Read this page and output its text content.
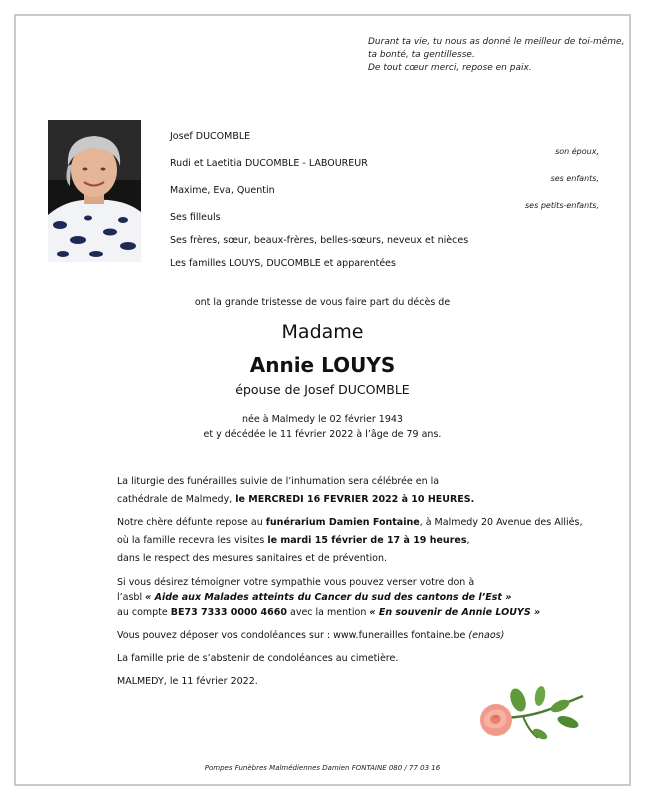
Durant ta vie, tu nous as donné le meilleur de toi-même,

ta bonté, ta gentillesse.

De tout cœur merci, repose en paix.

Josef DUCOMBLE
son époux,
Rudi et Laetitia DUCOMBLE - LABOUREUR
ses enfants,
Maxime, Eva, Quentin
ses petits-enfants,
Ses filleuls
Ses frères, sœur, beaux-frères, belles-sœurs, neveux et nièces
Les familles LOUYS, DUCOMBLE et apparentées
ont la grande tristesse de vous faire part du décès de
Madame
Annie LOUYS
épouse de Josef DUCOMBLE
née à Malmedy le 02 février 1943
et y décédée le 11 février 2022 à l’âge de 79 ans.

La liturgie des funérailles suivie de l’inhumation sera célébrée en la

cathédrale de Malmedy, le MERCREDI 16 FEVRIER 2022 à 10 HEURES.

Notre chère défunte repose au funérarium Damien Fontaine, à Malmedy 20 Avenue des Alliés,

où la famille recevra les visites le mardi 15 février de 17 à 19 heures,

dans le respect des mesures sanitaires et de prévention.

Si vous désirez témoigner votre sympathie vous pouvez verser votre don à

l’asbl « Aide aux Malades atteints du Cancer du sud des cantons de l’Est »

au compte BE73 7333 0000 4660 avec la mention « En souvenir de Annie LOUYS »

Vous pouvez déposer vos condoléances sur : www.funerailles fontaine.be (enaos)

La famille prie de s’abstenir de condoléances au cimetière.
MALMEDY, le 11 février 2022.
Pompes Funèbres Malmédiennes Damien FONTAINE 080 / 77 03 16
